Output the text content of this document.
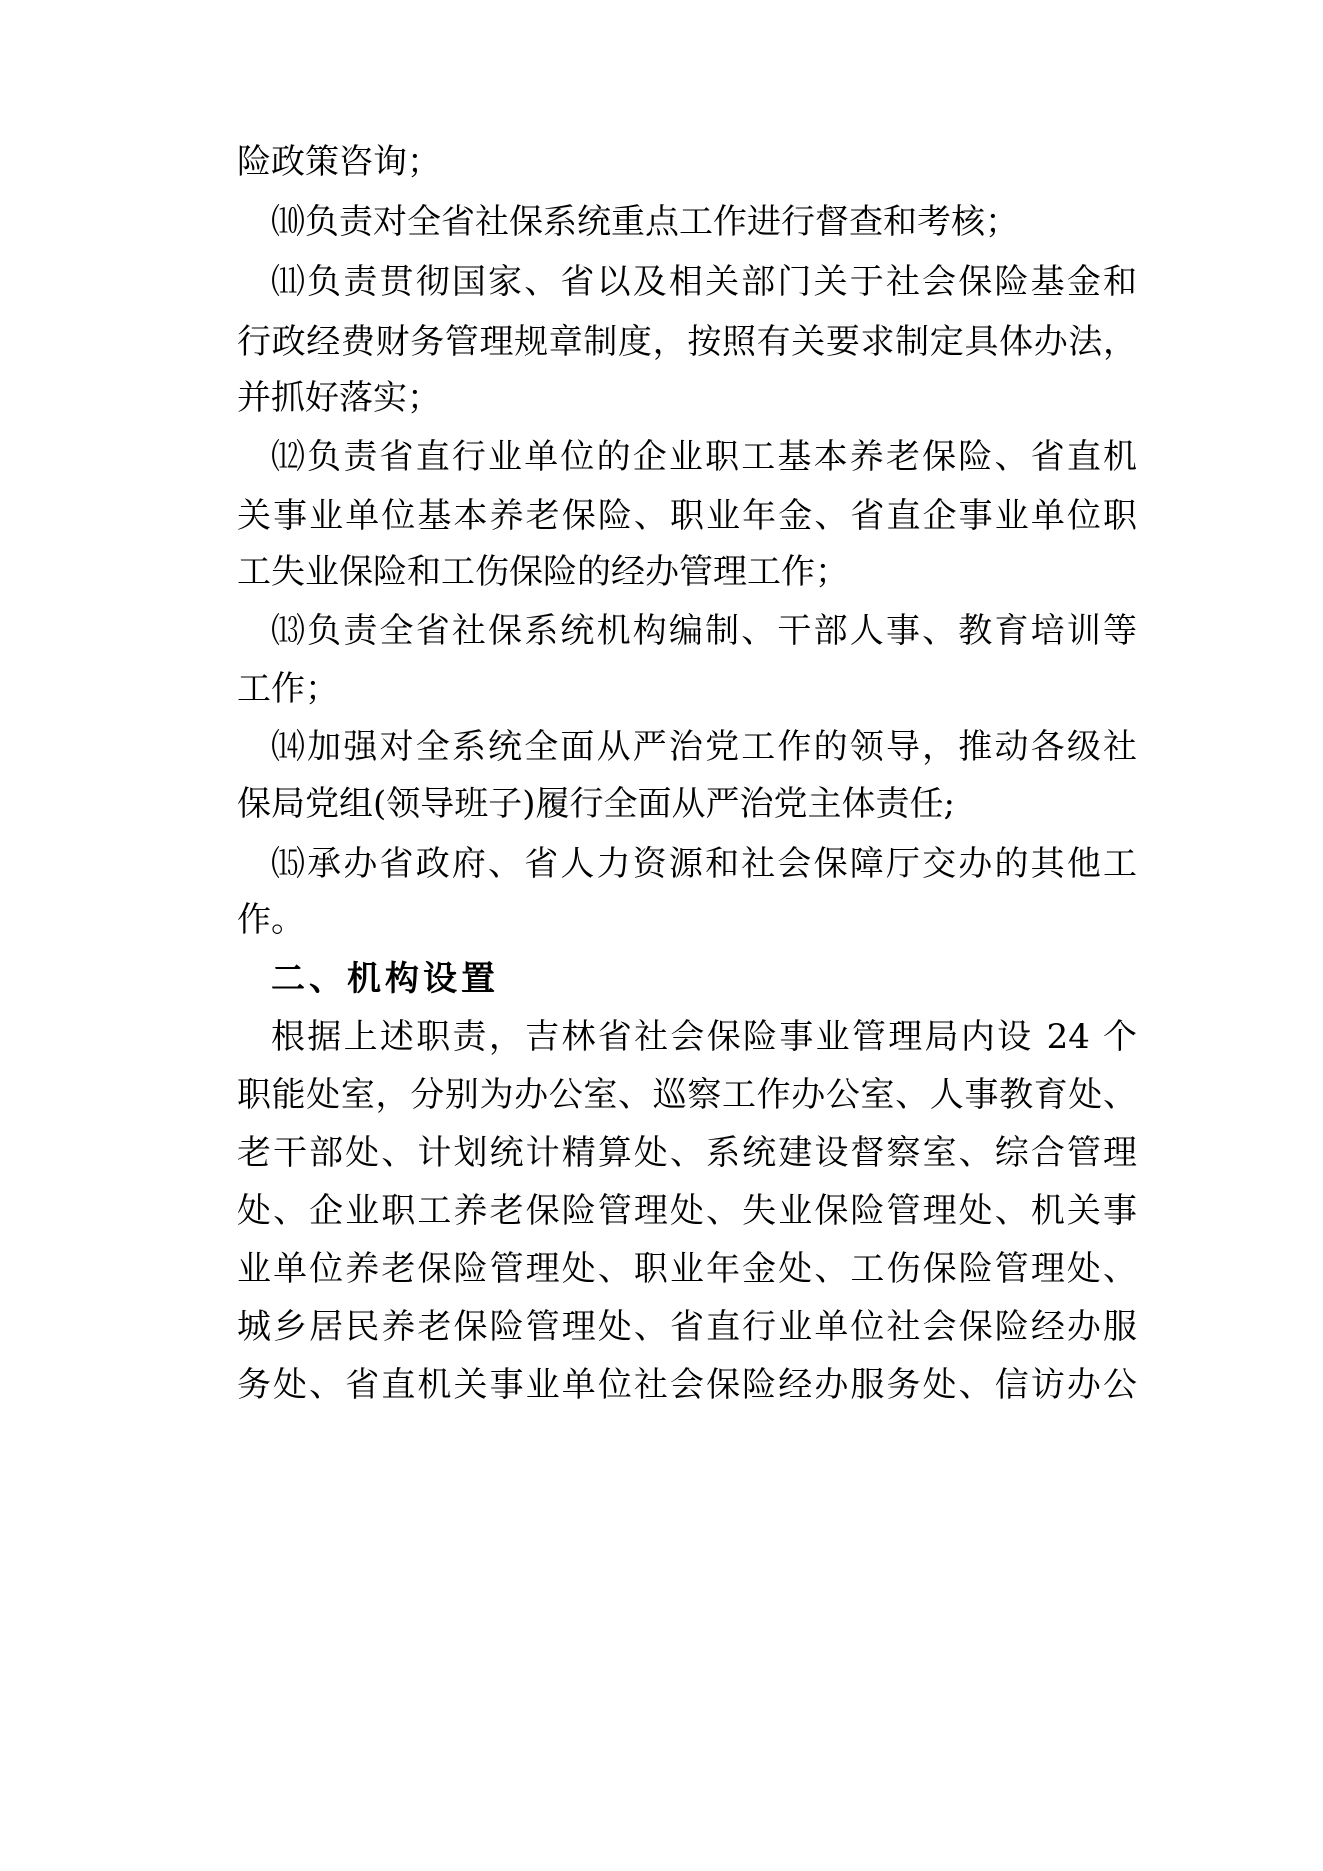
险政策咨询；
⑽负责对全省社保系统重点工作进行督查和考核；
⑾负责贯彻国家、省以及相关部门关于社会保险基金和
行政经费财务管理规章制度，按照有关要求制定具体办法，
并抓好落实；
⑿负责省直行业单位的企业职工基本养老保险、省直机
关事业单位基本养老保险、职业年金、省直企事业单位职
工失业保险和工伤保险的经办管理工作；
⒀负责全省社保系统机构编制、干部人事、教育培训等
工作；
⒁加强对全系统全面从严治党工作的领导，推动各级社
保局党组(领导班子)履行全面从严治党主体责任;
⒂承办省政府、省人力资源和社会保障厅交办的其他工
作。
二、机构设置
根据上述职责，吉林省社会保险事业管理局内设 24 个
职能处室，分别为办公室、巡察工作办公室、人事教育处、
老干部处、计划统计精算处、系统建设督察室、综合管理
处、企业职工养老保险管理处、失业保险管理处、机关事
业单位养老保险管理处、职业年金处、工伤保险管理处、
城乡居民养老保险管理处、省直行业单位社会保险经办服
务处、省直机关事业单位社会保险经办服务处、信访办公
